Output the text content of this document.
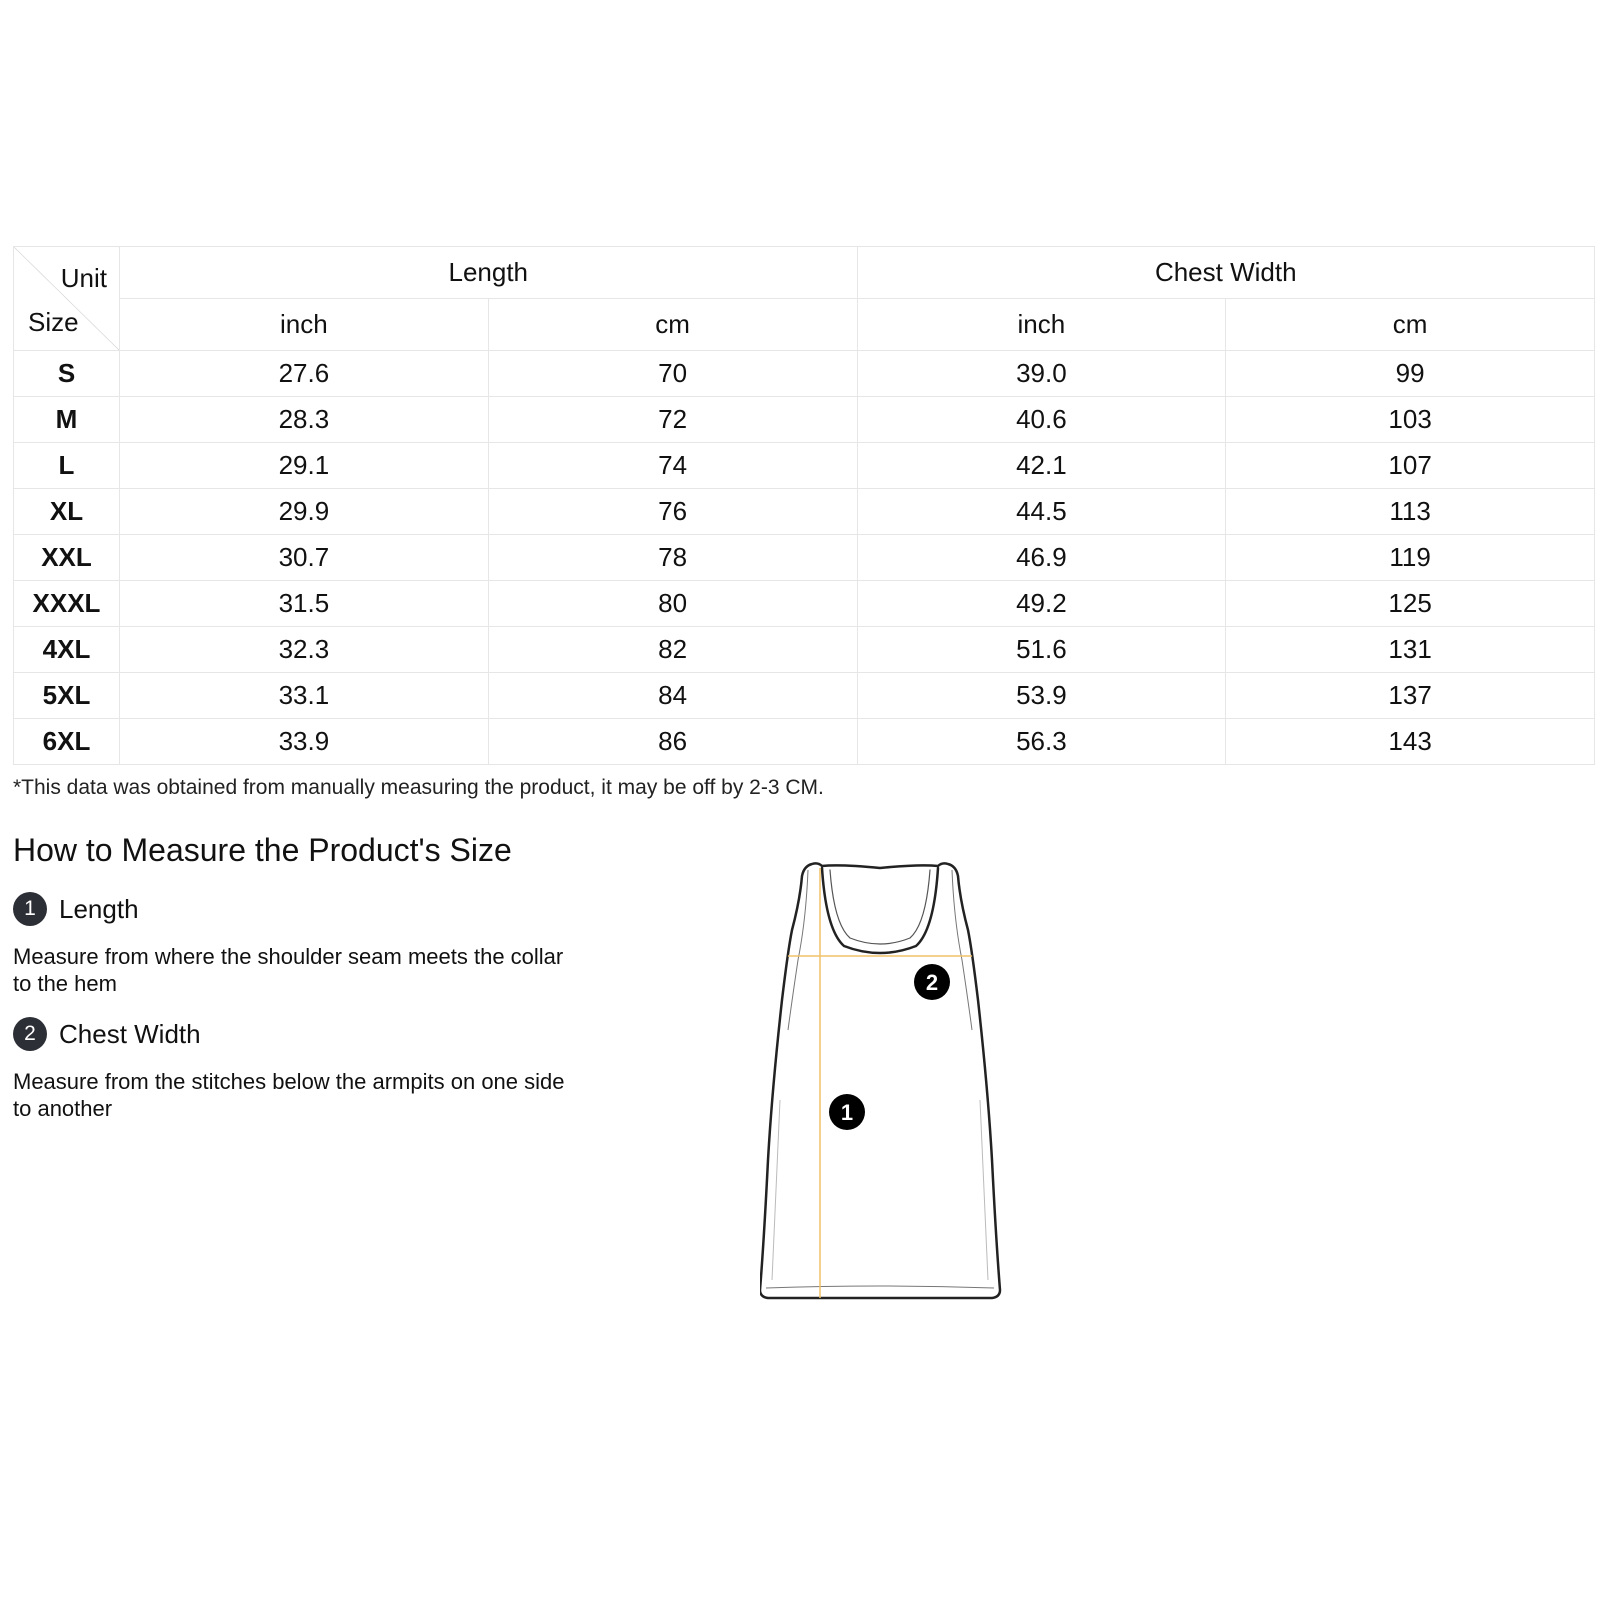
Unit
Size	Length		Chest Width	
	inch	cm	inch	cm
S	27.6	70	39.0	99
M	28.3	72	40.6	103
L	29.1	74	42.1	107
XL	29.9	76	44.5	113
XXL	30.7	78	46.9	119
XXXL	31.5	80	49.2	125
4XL	32.3	82	51.6	131
5XL	33.1	84	53.9	137
6XL	33.9	86	56.3	143
*This data was obtained from manually measuring the product, it may be off by 2-3 CM.
How to Measure the Product's Size
1 Length
Measure from where the shoulder seam meets the collar to the hem
2 Chest Width
Measure from the stitches below the armpits on one side to another
2
1
